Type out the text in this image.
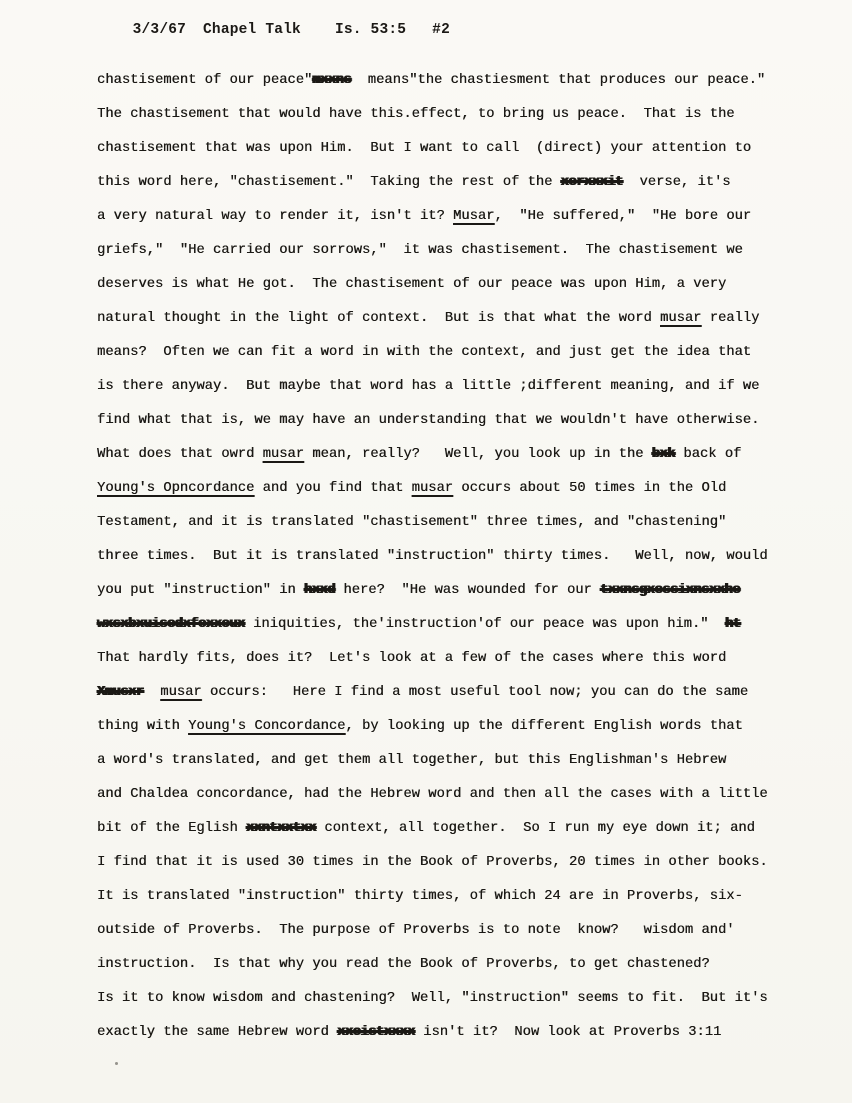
3/3/67 Chapel Talk Is. 53:5 #2

chastisement of our peace"mxxns  means"the chastiesment that produces our peace."
The chastisement that would have this.effect, to bring us peace.  That is the
chastisement that was upon Him.  But I want to call  (direct) your attention to
this word here, "chastisement."  Taking the rest of the xerxxxit  verse, it's
a very natural way to render it, isn't it? Musar,  "He suffered,"  "He bore our
griefs,"  "He carried our sorrows,"  it was chastisement.  The chastisement we
deserves is what He got.  The chastisement of our peace was upon Him, a very
natural thought in the light of context.  But is that what the word musar really
means?  Often we can fit a word in with the context, and just get the idea that
is there anyway.  But maybe that word has a little ;different meaning, and if we
find what that is, we may have an understanding that we wouldn't have otherwise.
What does that owrd musar mean, really?   Well, you look up in the bxk back of
Young's Opncordance and you find that musar occurs about 50 times in the Old
Testament, and it is translated "chastisement" three times, and "chastening"
three times.  But it is translated "instruction" thirty times.   Well, now, would
you put "instruction" in hxxd here?  "He was wounded for our txxnsgxessixnsxxhe
wxsxbxuisedxfoxxoux iniquities, the'instruction'of our peace was upon him."  ht
That hardly fits, does it?  Let's look at a few of the cases where this word
Xmusxr musar occurs:   Here I find a most useful tool now; you can do the same
thing with Young's Concordance, by looking up the different English words that
a word's translated, and get them all together, but this Englishman's Hebrew
and Chaldea concordance, had the Hebrew word and then all the cases with a little
bit of the Eglish xxntxxtxx context, all together.  So I run my eye down it; and
I find that it is used 30 times in the Book of Proverbs, 20 times in other books.
It is translated "instruction" thirty times, of which 24 are in Proverbs, six-
outside of Proverbs.  The purpose of Proverbs is to note  know?   wisdom and'
instruction.  Is that why you read the Book of Proverbs, to get chastened?
Is it to know wisdom and chastening?  Well, "instruction" seems to fit.  But it's
exactly the same Hebrew word xxcistxxxx isn't it?  Now look at Proverbs 3:11
